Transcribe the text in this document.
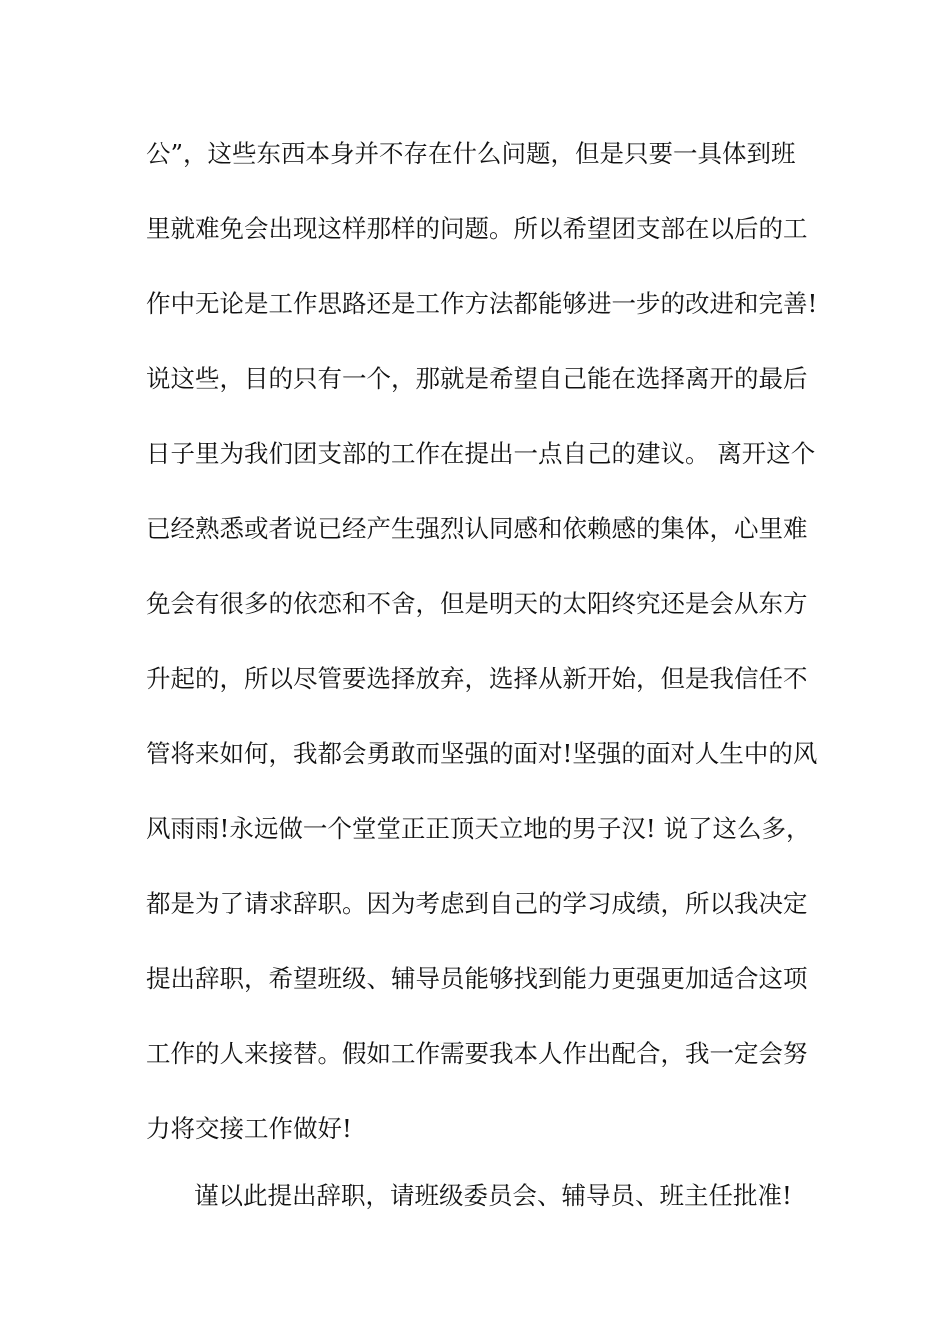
公”，这些东西本身并不存在什么问题，但是只要一具体到班
里就难免会出现这样那样的问题。所以希望团支部在以后的工
作中无论是工作思路还是工作方法都能够进一步的改进和完善!
说这些，目的只有一个，那就是希望自己能在选择离开的最后
日子里为我们团支部的工作在提出一点自己的建议。 离开这个
已经熟悉或者说已经产生强烈认同感和依赖感的集体，心里难
免会有很多的依恋和不舍，但是明天的太阳终究还是会从东方
升起的，所以尽管要选择放弃，选择从新开始，但是我信任不
管将来如何，我都会勇敢而坚强的面对!坚强的面对人生中的风
风雨雨!永远做一个堂堂正正顶天立地的男子汉! 说了这么多，
都是为了请求辞职。因为考虑到自己的学习成绩，所以我决定
提出辞职，希望班级、辅导员能够找到能力更强更加适合这项
工作的人来接替。假如工作需要我本人作出配合，我一定会努
力将交接工作做好!

谨以此提出辞职，请班级委员会、辅导员、班主任批准!
